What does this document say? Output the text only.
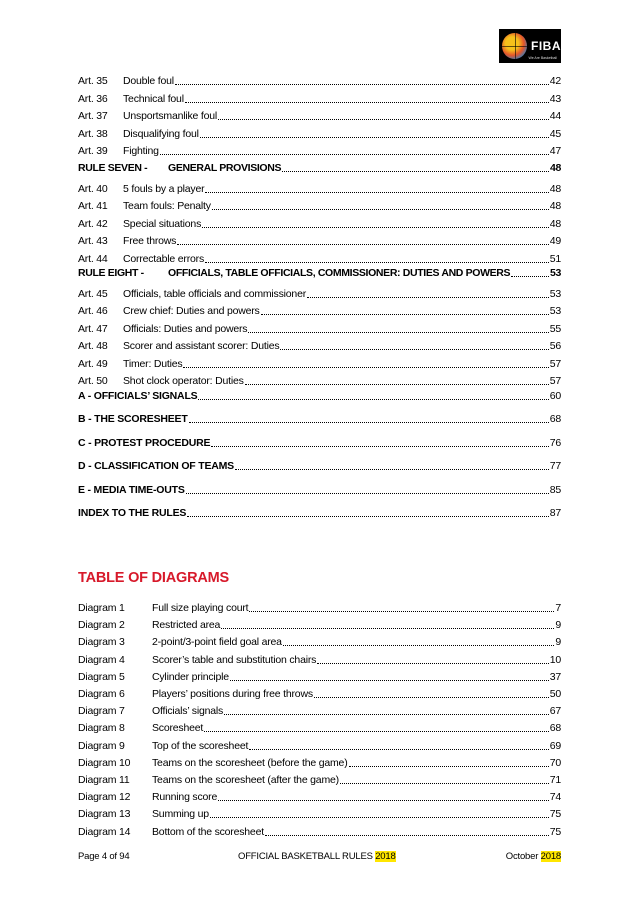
FIBA
We Are Basketball
Art. 35	Double foul	42
Art. 36	Technical foul	43
Art. 37	Unsportsmanlike foul	44
Art. 38	Disqualifying foul	45
Art. 39	Fighting	47
RULE SEVEN -	GENERAL PROVISIONS	48
Art. 40	5 fouls by a player	48
Art. 41	Team fouls: Penalty	48
Art. 42	Special situations	48
Art. 43	Free throws	49
Art. 44	Correctable errors	51
RULE EIGHT -	OFFICIALS, TABLE OFFICIALS, COMMISSIONER: DUTIES AND POWERS	53
Art. 45	Officials, table officials and commissioner	53
Art. 46	Crew chief: Duties and powers	53
Art. 47	Officials: Duties and powers	55
Art. 48	Scorer and assistant scorer: Duties	56
Art. 49	Timer: Duties	57
Art. 50	Shot clock operator: Duties	57
A - OFFICIALS’ SIGNALS	60
B - THE SCORESHEET	68
C - PROTEST PROCEDURE	76
D - CLASSIFICATION OF TEAMS	77
E - MEDIA TIME-OUTS	85
INDEX TO THE RULES	87
Diagram 1	Full size playing court	7
Diagram 2	Restricted area	9
Diagram 3	2-point/3-point field goal area	9
Diagram 4	Scorer’s table and substitution chairs	10
Diagram 5	Cylinder principle	37
Diagram 6	Players’ positions during free throws	50
Diagram 7	Officials’ signals	67
Diagram 8	Scoresheet	68
Diagram 9	Top of the scoresheet	69
Diagram 10	Teams on the scoresheet (before the game)	70
Diagram 11	Teams on the scoresheet (after the game)	71
Diagram 12	Running score	74
Diagram 13	Summing up	75
Diagram 14	Bottom of the scoresheet	75
TABLE OF DIAGRAMS
Page 4 of 94	OFFICIAL BASKETBALL RULES 2018	October 2018
